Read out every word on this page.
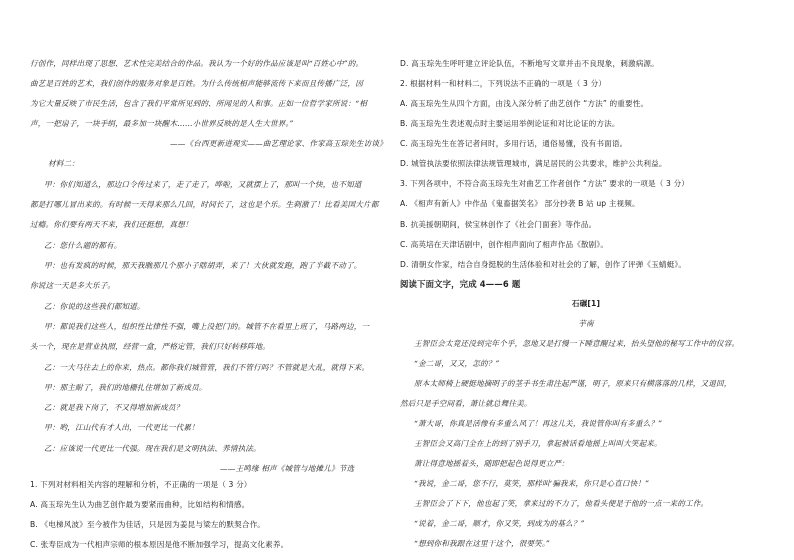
行创作，同样出现了思想、艺术性完美结合的作品。我认为一个好的作品应该是叫“百姓心中”的。
曲艺是百姓的艺术，我们创作的服务对象是百姓。为什么传统相声能够流传下来而且传播广泛，因
为它大量反映了市民生活，包含了我们平常所见到的、所闻见的人和事。正如一位哲学家所说：“相
声，一把扇子，一块手绢，最多加一块醒木……小世界反映的是人生大世界。”
——《台西更新进观实——曲艺理论家、作家高玉琮先生访谈》
材料二：
甲：你们知道么，那边口令传过来了，走了走了，哗啦，又就摆上了，那叫一个快，也不知道
都是打哪儿冒出来的。有时候一天得来那么几回，时间长了，这也是个乐。生刺激了！比看美国大片都
过瘾。你们要有两天不来，我们还挺想，真想！
乙：您什么题的都有。
甲：也有发疯的时候，那天我瞧那几个那小子瞎胡弄，来了！大伙就发跑，跑了半截不动了。
你说这一天是多大乐子。
乙：你说的这些我们都知道。
甲：都说我们这些人，组织性比律性不强，嘴上没把门的。城管不在看里上班了，马路两边，一
头一个，现在是营业执照，经营一盒，严格定管，我们只好转移阵地。
乙：一大马往去上的你来，热点。都你我们城管管，我们不管行吗？不管就是大乱，就得下来。
甲：那主耐了，我们的地栅扎住增加了新成员。
乙：就是我下岗了，不又得增加新成员？
甲：哟，江山代有才人出，一代更比一代累！
乙：应该说一代更比一代强。现在我们是文明执法、养情执法。
——王鸣缘 相声《城管与地摊儿》节选
1. 下列对材料相关内容的理解和分析，不正确的一项是（ 3 分）
A. 高玉琮先生认为曲艺创作最为要紧而曲种，比如结构和情感。
B. 《电梯风波》至今被作为佳话，只是因为姜昆与梁左的默契合作。
C. 张寿臣成为一代相声宗师的根本原因是他不断加强学习，提高文化素养。
D. 高玉琮先生呼吁建立评论队伍，不断地写文章并击不良现象，刺激病源。
2. 根据材料一和材料二，下列说法不正确的一项是（ 3 分）
A. 高玉琮先生从四个方面，由浅入深分析了曲艺创作 “方法” 的重要性。
B. 高玉琮先生表述观点时主要运用举例论证和对比论证的方法。
C. 高玉琮先生在答记者问时，多用行话，通俗易懂，没有书面语。
D. 城管执法要依照法律法规管理城市，满足居民的公共要求，维护公共利益。
3. 下列各项中，不符合高玉琮先生对曲艺工作者创作 “方法” 要求的一项是（ 3 分）
A. 《相声有新人》中作品《鬼畜据笑名》 部分抄袭 B 站 up 主视频。
B. 抗美援朝期间，侯宝林创作了《社会门面套》等作品。
C. 高英培在天津话剧中，创作相声面向了相声作品《散剧》。
D. 清朝女作家，结合自身挺脱的生活体验和对社会的了解，创作了评弹《玉蜻蜓》。
阅读下面文字，完成 4——6 题
石碾[1]
芋南
王智臣会太竟还没到完年个乎，忽地又是打慢一下睡意醒过来，抬头望他的秘写工作中的仪容。
“金二哥，又又，怎的？”
原本太师椅上硬挺地摘明子的茎手书生肃注起严谨，明子，原来只有横落落的几样，又退回，
然后只是手空间看，萧让就总舞往美。
“萧大哥，你真是活像有多重么风了！再这儿关，我说管你叫有多重么？”
王智臣会又高门全在上的到了别手刀，拿起被话看地摇上叫叫大笑起来。
萧让得意地摇着头，随即把起色说得更立严：
“我说，金二哥，您不行，莫笑，那样叫‘骗我来，你只是心直口快！”
王智臣会了下下，他也起了笑，拿来过的不力了，他看头便是于他的一点一来的工作。
“说着，金二哥，顺才，你又笑，到成为的基么？”
“想到你和我跟在这里干这个，很要笑。”
